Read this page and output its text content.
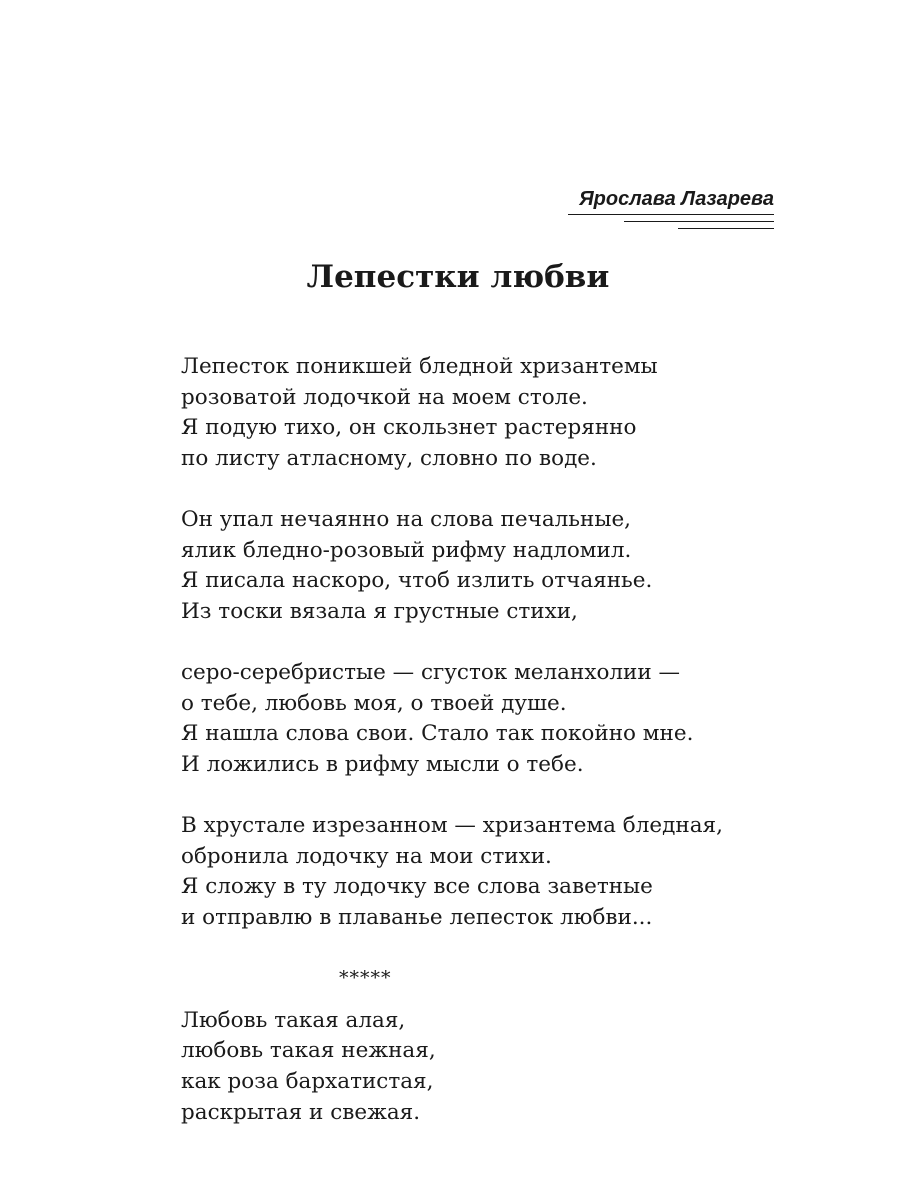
Ярослава Лазарева
Лепестки любви
Лепесток поникшей бледной хризантемы
розоватой лодочкой на моем столе.
Я подую тихо, он скользнет растерянно
по листу атласному, словно по воде.
Он упал нечаянно на слова печальные,
ялик бледно-розовый рифму надломил.
Я писала наскоро, чтоб излить отчаянье.
Из тоски вязала я грустные стихи,
серо-серебристые — сгусток меланхолии —
о тебе, любовь моя, о твоей душе.
Я нашла слова свои. Стало так покойно мне.
И ложились в рифму мысли о тебе.
В хрустале изрезанном — хризантема бледная,
обронила лодочку на мои стихи.
Я сложу в ту лодочку все слова заветные
и отправлю в плаванье лепесток любви...
*****
Любовь такая алая,
любовь такая нежная,
как роза бархатистая,
раскрытая и свежая.
